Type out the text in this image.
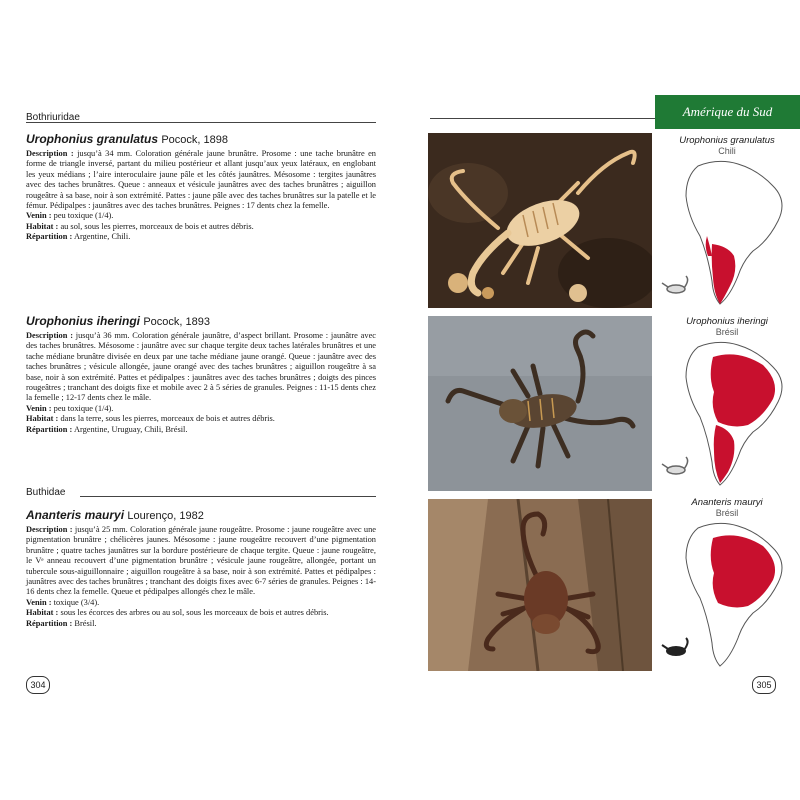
Bothriuridae

Urophonius granulatus Pocock, 1898

Description : jusqu’à 34 mm. Coloration générale jaune brunâtre. Prosome : une tache brunâtre en forme de triangle inversé, partant du milieu postérieur et allant jusqu’aux yeux latéraux, en englobant les yeux médians ; l’aire interoculaire jaune pâle et les côtés jaunâtres. Mésosome : tergites jaunâtres avec des taches brunâtres. Queue : anneaux et vésicule jaunâtres avec des taches brunâtres ; aiguillon rougeâtre à sa base, noir à son extrémité. Pattes : jaune pâle avec des taches brunâtres sur la patelle et le fémur. Pédipalpes : jaunâtres avec des taches brunâtres. Peignes : 17 dents chez la femelle.
Venin : peu toxique (1/4).
Habitat : au sol, sous les pierres, morceaux de bois et autres débris.
Répartition : Argentine, Chili.

Urophonius iheringi Pocock, 1893

Description : jusqu’à 36 mm. Coloration générale jaunâtre, d’aspect brillant. Prosome : jaunâtre avec des taches brunâtres. Mésosome : jaunâtre avec sur chaque tergite deux taches latérales brunâtres et une tache médiane brunâtre divisée en deux par une tache médiane jaune orangé. Queue : jaunâtre avec des taches brunâtres ; vésicule allongée, jaune orangé avec des taches brunâtres ; aiguillon rougeâtre à sa base, noir à son extrémité. Pattes et pédipalpes : jaunâtres avec des taches brunâtres ; doigts des pinces rougeâtres ; tranchant des doigts fixe et mobile avec 2 à 5 séries de granules. Peignes : 11-15 dents chez la femelle ; 12-17 dents chez le mâle.
Venin : peu toxique (1/4).
Habitat : dans la terre, sous les pierres, morceaux de bois et autres débris.
Répartition : Argentine, Uruguay, Chili, Brésil.

Buthidae

Ananteris mauryi Lourenço, 1982

Description : jusqu’à 25 mm. Coloration générale jaune rougeâtre. Prosome : jaune rougeâtre avec une pigmentation brunâtre ; chélicères jaunes. Mésosome : jaune rougeâtre recouvert d’une pigmentation brunâtre ; quatre taches jaunâtres sur la bordure postérieure de chaque tergite. Queue : jaune rougeâtre, le Vᵉ anneau recouvert d’une pigmentation brunâtre ; vésicule jaune rougeâtre, allongée, portant un tubercule sous-aiguillonnaire ; aiguillon rougeâtre à sa base, noir à son extrémité. Pattes et pédipalpes : jaunâtres avec des taches brunâtres ; tranchant des doigts fixes avec 6-7 séries de granules. Peignes : 14-16 dents chez la femelle. Queue et pédipalpes allongés chez le mâle.
Venin : toxique (3/4).
Habitat : sous les écorces des arbres ou au sol, sous les morceaux de bois et autres débris.
Répartition : Brésil.

304
Amérique du Sud
Urophonius granulatus
Chili
Urophonius iheringi
Brésil
Ananteris mauryi
Brésil
305
